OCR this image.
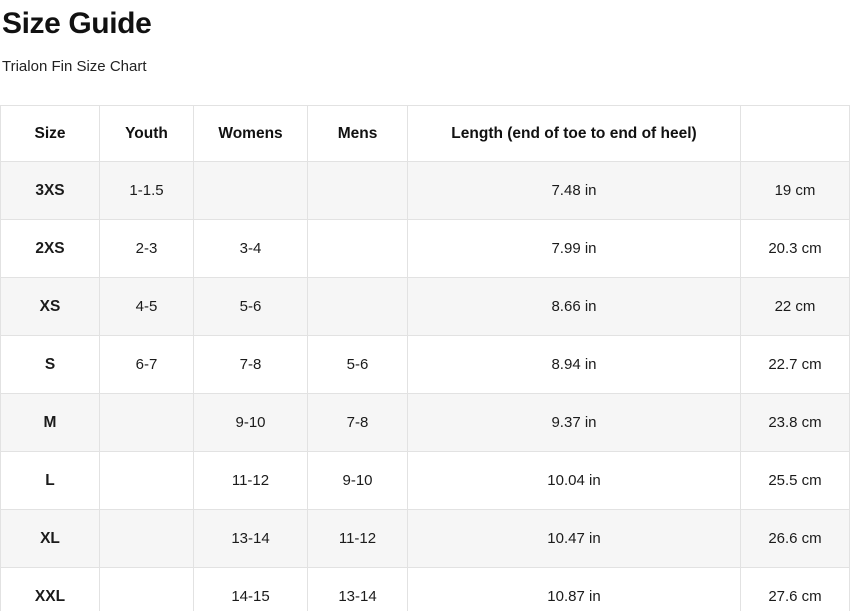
Size Guide
Trialon Fin Size Chart
Size	Youth	Womens	Mens	Length (end of toe to end of heel)	
3XS	1-1.5			7.48 in	19 cm
2XS	2-3	3-4		7.99 in	20.3 cm
XS	4-5	5-6		8.66 in	22 cm
S	6-7	7-8	5-6	8.94 in	22.7 cm
M		9-10	7-8	9.37 in	23.8 cm
L		11-12	9-10	10.04 in	25.5 cm
XL		13-14	11-12	10.47 in	26.6 cm
XXL		14-15	13-14	10.87 in	27.6 cm
